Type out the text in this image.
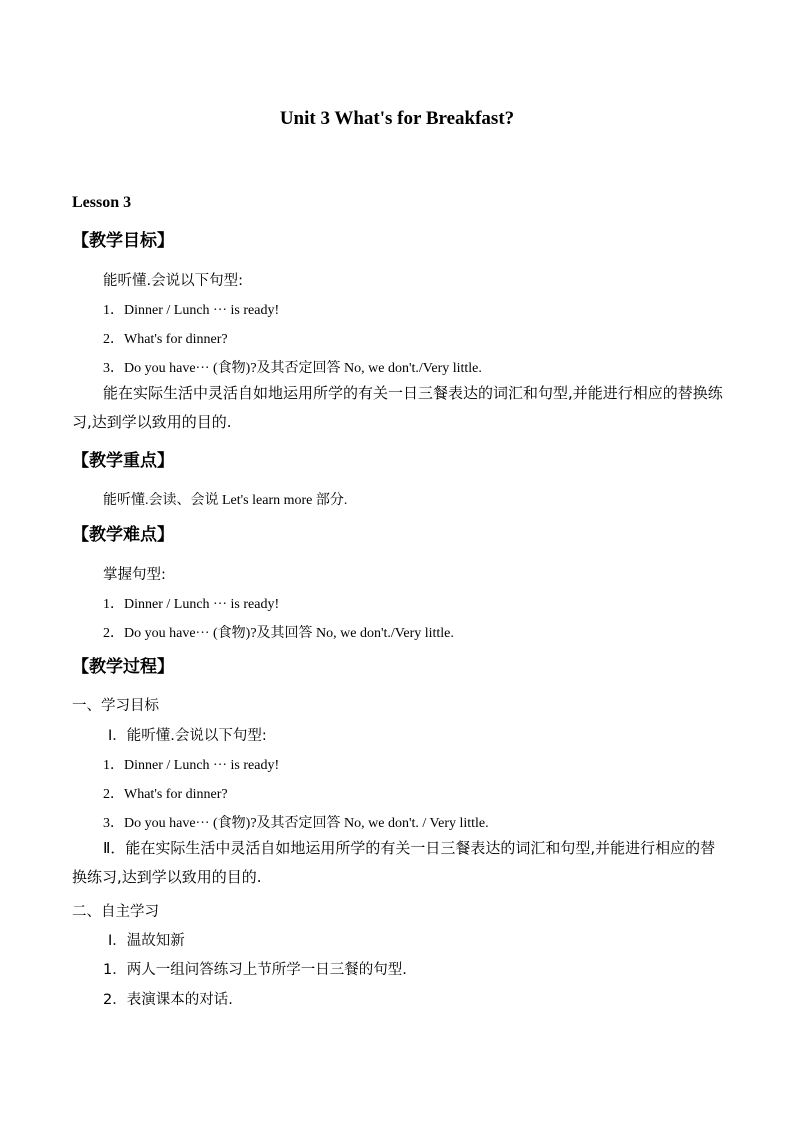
Unit 3 What's for Breakfast?
Lesson 3
【教学目标】
能听懂.会说以下句型:
1．Dinner / Lunch ··· is ready!
2．What's for dinner?
3．Do you have··· (食物)?及其否定回答 No, we don't./Very little.
能在实际生活中灵活自如地运用所学的有关一日三餐表达的词汇和句型,并能进行相应的替换练习,达到学以致用的目的.
【教学重点】
能听懂.会读、会说 Let's learn more 部分.
【教学难点】
掌握句型:
1．Dinner / Lunch ··· is ready!
2．Do you have··· (食物)?及其回答 No, we don't./Very little.
【教学过程】
一、学习目标
Ⅰ．能听懂.会说以下句型:
1．Dinner / Lunch ··· is ready!
2．What's for dinner?
3．Do you have··· (食物)?及其否定回答 No, we don't. / Very little.
Ⅱ．能在实际生活中灵活自如地运用所学的有关一日三餐表达的词汇和句型,并能进行相应的替换练习,达到学以致用的目的.
二、自主学习
Ⅰ．温故知新
1．两人一组问答练习上节所学一日三餐的句型.
2．表演课本的对话.
